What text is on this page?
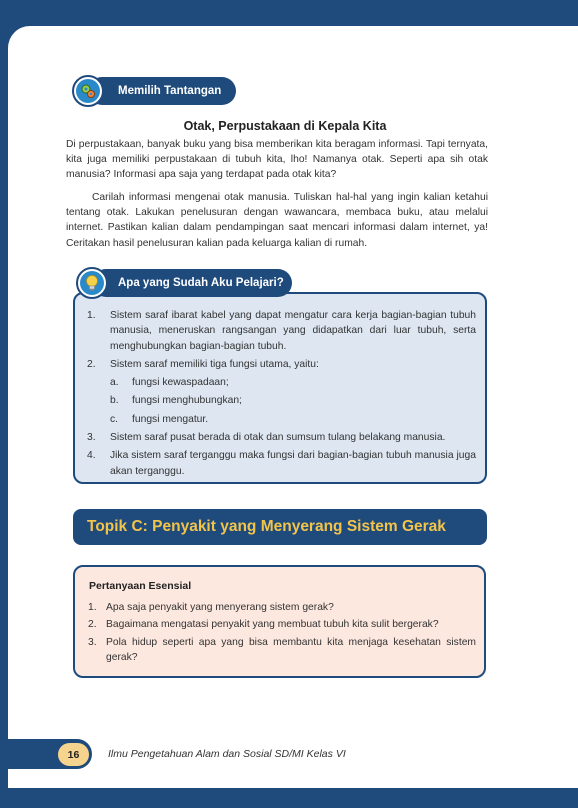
Memilih Tantangan
Otak, Perpustakaan di Kepala Kita

Di perpustakaan, banyak buku yang bisa memberikan kita beragam informasi. Tapi ternyata, kita juga memiliki perpustakaan di tubuh kita, lho! Namanya otak. Seperti apa sih otak manusia? Informasi apa saja yang terdapat pada otak kita?

Carilah informasi mengenai otak manusia. Tuliskan hal-hal yang ingin kalian ketahui tentang otak. Lakukan penelusuran dengan wawancara, membaca buku, atau melalui internet. Pastikan kalian dalam pendampingan saat mencari informasi dalam internet, ya! Ceritakan hasil penelusuran kalian pada keluarga kalian di rumah.

1. Sistem saraf ibarat kabel yang dapat mengatur cara kerja bagian-bagian tubuh manusia, meneruskan rangsangan yang didapatkan dari luar tubuh, serta menghubungkan bagian-bagian tubuh.
2. Sistem saraf memiliki tiga fungsi utama, yaitu:
a. fungsi kewaspadaan;
b. fungsi menghubungkan;
c. fungsi mengatur.
3. Sistem saraf pusat berada di otak dan sumsum tulang belakang manusia.
4. Jika sistem saraf terganggu maka fungsi dari bagian-bagian tubuh manusia juga akan terganggu.
Apa yang Sudah Aku Pelajari?
Topik C: Penyakit yang Menyerang Sistem Gerak
Pertanyaan Esensial
1. Apa saja penyakit yang menyerang sistem gerak?
2. Bagaimana mengatasi penyakit yang membuat tubuh kita sulit bergerak?
3. Pola hidup seperti apa yang bisa membantu kita menjaga kesehatan sistem gerak?
16	Ilmu Pengetahuan Alam dan Sosial SD/MI Kelas VI
